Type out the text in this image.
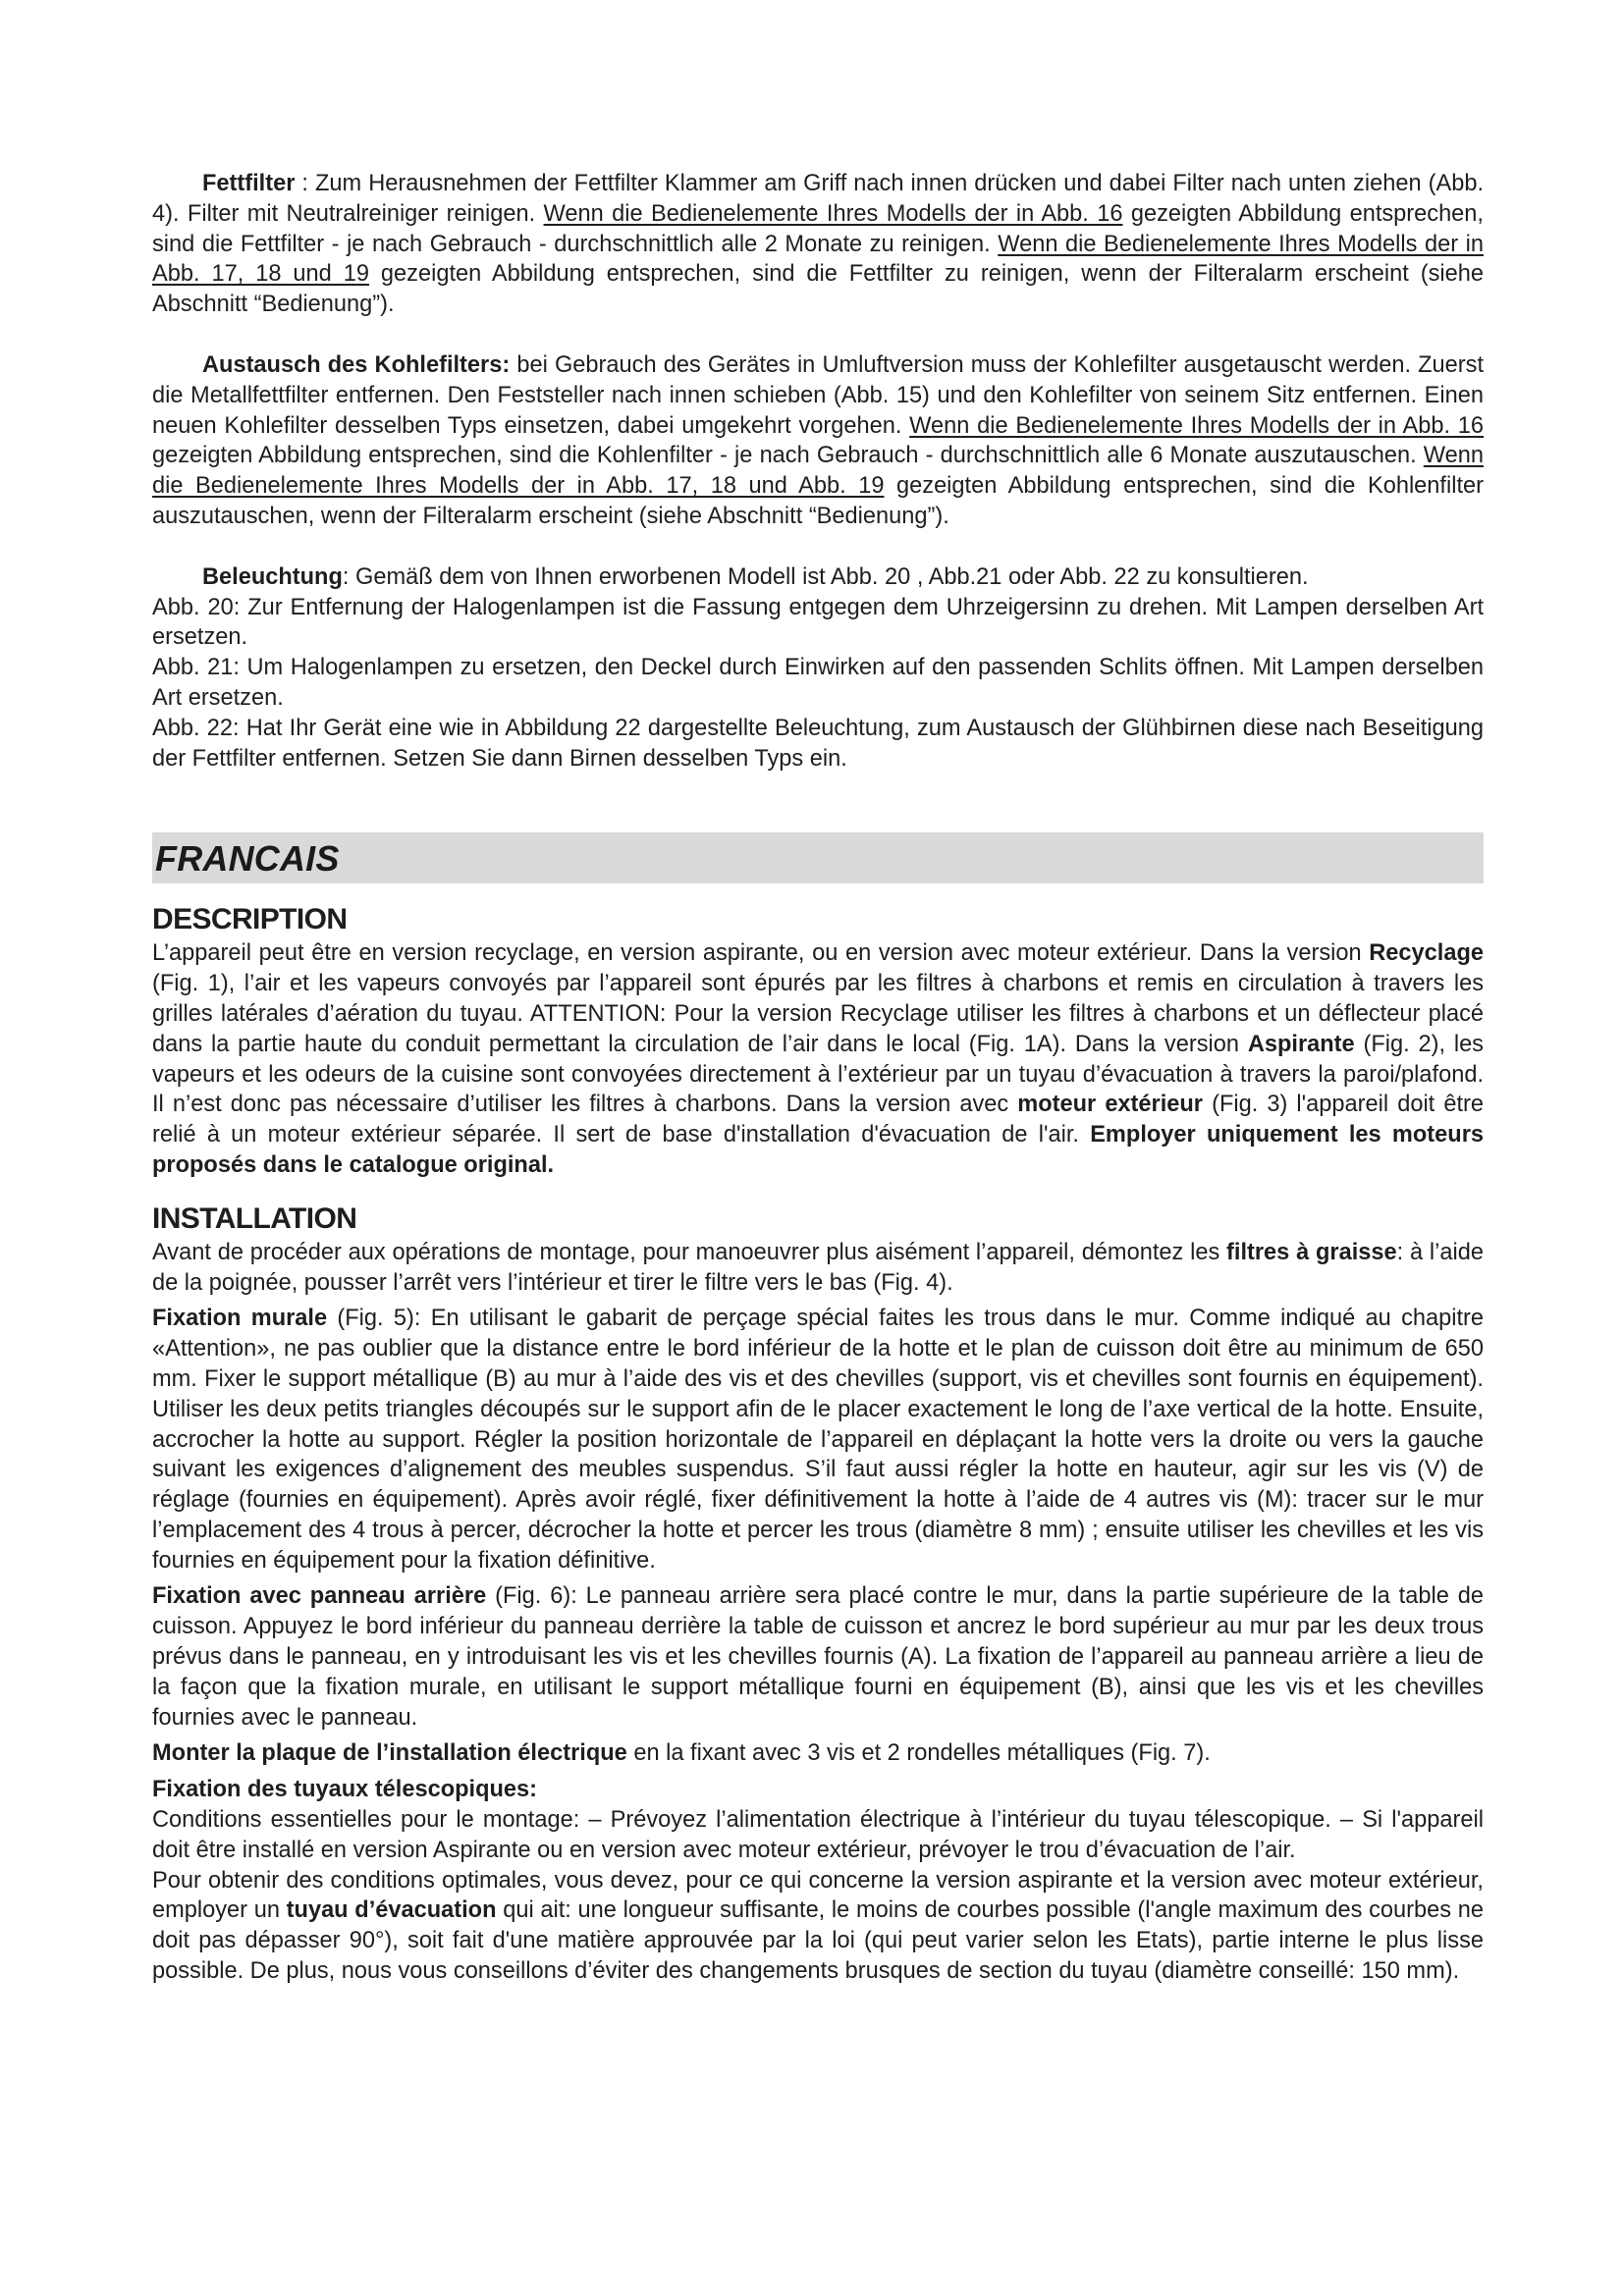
Fettfilter : Zum Herausnehmen der Fettfilter Klammer am Griff nach innen drücken und dabei Filter nach unten ziehen (Abb. 4). Filter mit Neutralreiniger reinigen. Wenn die Bedienelemente Ihres Modells der in Abb. 16 gezeigten Abbildung entsprechen, sind die Fettfilter - je nach Gebrauch - durchschnittlich alle 2 Monate zu reinigen. Wenn die Bedienelemente Ihres Modells der in Abb. 17, 18 und 19 gezeigten Abbildung entsprechen, sind die Fettfilter zu reinigen, wenn der Filteralarm erscheint (siehe Abschnitt “Bedienung”).

Austausch des Kohlefilters: bei Gebrauch des Gerätes in Umluftversion muss der Kohlefilter ausgetauscht werden. Zuerst die Metallfettfilter entfernen. Den Feststeller nach innen schieben (Abb. 15) und den Kohlefilter von seinem Sitz entfernen. Einen neuen Kohlefilter desselben Typs einsetzen, dabei umgekehrt vorgehen. Wenn die Bedienelemente Ihres Modells der in Abb. 16 gezeigten Abbildung entsprechen, sind die Kohlenfilter - je nach Gebrauch - durchschnittlich alle 6 Monate auszutauschen. Wenn die Bedienelemente Ihres Modells der in Abb. 17, 18 und Abb. 19 gezeigten Abbildung entsprechen, sind die Kohlenfilter auszutauschen, wenn der Filteralarm erscheint (siehe Abschnitt “Bedienung”).

Beleuchtung: Gemäß dem von Ihnen erworbenen Modell ist Abb. 20 , Abb.21 oder Abb. 22 zu konsultieren.

Abb. 20: Zur Entfernung der Halogenlampen ist die Fassung entgegen dem Uhrzeigersinn zu drehen. Mit Lampen derselben Art ersetzen.

Abb. 21: Um Halogenlampen zu ersetzen, den Deckel durch Einwirken auf den passenden Schlits öffnen. Mit Lampen derselben Art ersetzen.

Abb. 22: Hat Ihr Gerät eine wie in Abbildung 22 dargestellte Beleuchtung, zum Austausch der Glühbirnen diese nach Beseitigung der Fettfilter entfernen. Setzen Sie dann Birnen desselben Typs ein.

FRANCAIS
DESCRIPTION

L’appareil peut être en version recyclage, en version aspirante, ou en version avec moteur extérieur. Dans la version Recyclage (Fig. 1), l’air et les vapeurs convoyés par l’appareil sont épurés par les filtres à charbons et remis en circulation à travers les grilles latérales d’aération du tuyau. ATTENTION: Pour la version Recyclage utiliser les filtres à charbons et un déflecteur placé dans la partie haute du conduit permettant la circulation de l’air dans le local (Fig. 1A). Dans la version Aspirante (Fig. 2), les vapeurs et les odeurs de la cuisine sont convoyées directement à l’extérieur par un tuyau d’évacuation à travers la paroi/plafond. Il n’est donc pas nécessaire d’utiliser les filtres à charbons. Dans la version avec moteur extérieur (Fig. 3) l'appareil doit être relié à un moteur extérieur séparée. Il sert de base d'installation d'évacuation de l'air. Employer uniquement les moteurs proposés dans le catalogue original.

INSTALLATION

Avant de procéder aux opérations de montage, pour manoeuvrer plus aisément l’appareil, démontez les filtres à graisse: à l’aide de la poignée, pousser l’arrêt vers l’intérieur et tirer le filtre vers le bas (Fig. 4).

Fixation murale (Fig. 5): En utilisant le gabarit de perçage spécial faites les trous dans le mur. Comme indiqué au chapitre «Attention», ne pas oublier que la distance entre le bord inférieur de la hotte et le plan de cuisson doit être au minimum de 650 mm. Fixer le support métallique (B) au mur à l’aide des vis et des chevilles (support, vis et chevilles sont fournis en équipement). Utiliser les deux petits triangles découpés sur le support afin de le placer exactement le long de l’axe vertical de la hotte. Ensuite, accrocher la hotte au support. Régler la position horizontale de l’appareil en déplaçant la hotte vers la droite ou vers la gauche suivant les exigences d’alignement des meubles suspendus. S’il faut aussi régler la hotte en hauteur, agir sur les vis (V) de réglage (fournies en équipement). Après avoir réglé, fixer définitivement la hotte à l’aide de 4 autres vis (M): tracer sur le mur l’emplacement des 4 trous à percer, décrocher la hotte et percer les trous (diamètre 8 mm) ; ensuite utiliser les chevilles et les vis fournies en équipement pour la fixation définitive.

Fixation avec panneau arrière (Fig. 6): Le panneau arrière sera placé contre le mur, dans la partie supérieure de la table de cuisson. Appuyez le bord inférieur du panneau derrière la table de cuisson et ancrez le bord supérieur au mur par les deux trous prévus dans le panneau, en y introduisant les vis et les chevilles fournis (A). La fixation de l’appareil au panneau arrière a lieu de la façon que la fixation murale, en utilisant le support métallique fourni en équipement (B), ainsi que les vis et les chevilles fournies avec le panneau.

Monter la plaque de l’installation électrique en la fixant avec 3 vis et 2 rondelles métalliques (Fig. 7).

Fixation des tuyaux télescopiques:

Conditions essentielles pour le montage: – Prévoyez l’alimentation électrique à l’intérieur du tuyau télescopique. – Si l'appareil doit être installé en version Aspirante ou en version avec moteur extérieur, prévoyer le trou d’évacuation de l’air.

Pour obtenir des conditions optimales, vous devez, pour ce qui concerne la version aspirante et la version avec moteur extérieur, employer un tuyau d’évacuation qui ait: une longueur suffisante, le moins de courbes possible (l'angle maximum des courbes ne doit pas dépasser 90°), soit fait d'une matière approuvée par la loi (qui peut varier selon les Etats), partie interne le plus lisse possible. De plus, nous vous conseillons d’éviter des changements brusques de section du tuyau (diamètre conseillé: 150 mm).
